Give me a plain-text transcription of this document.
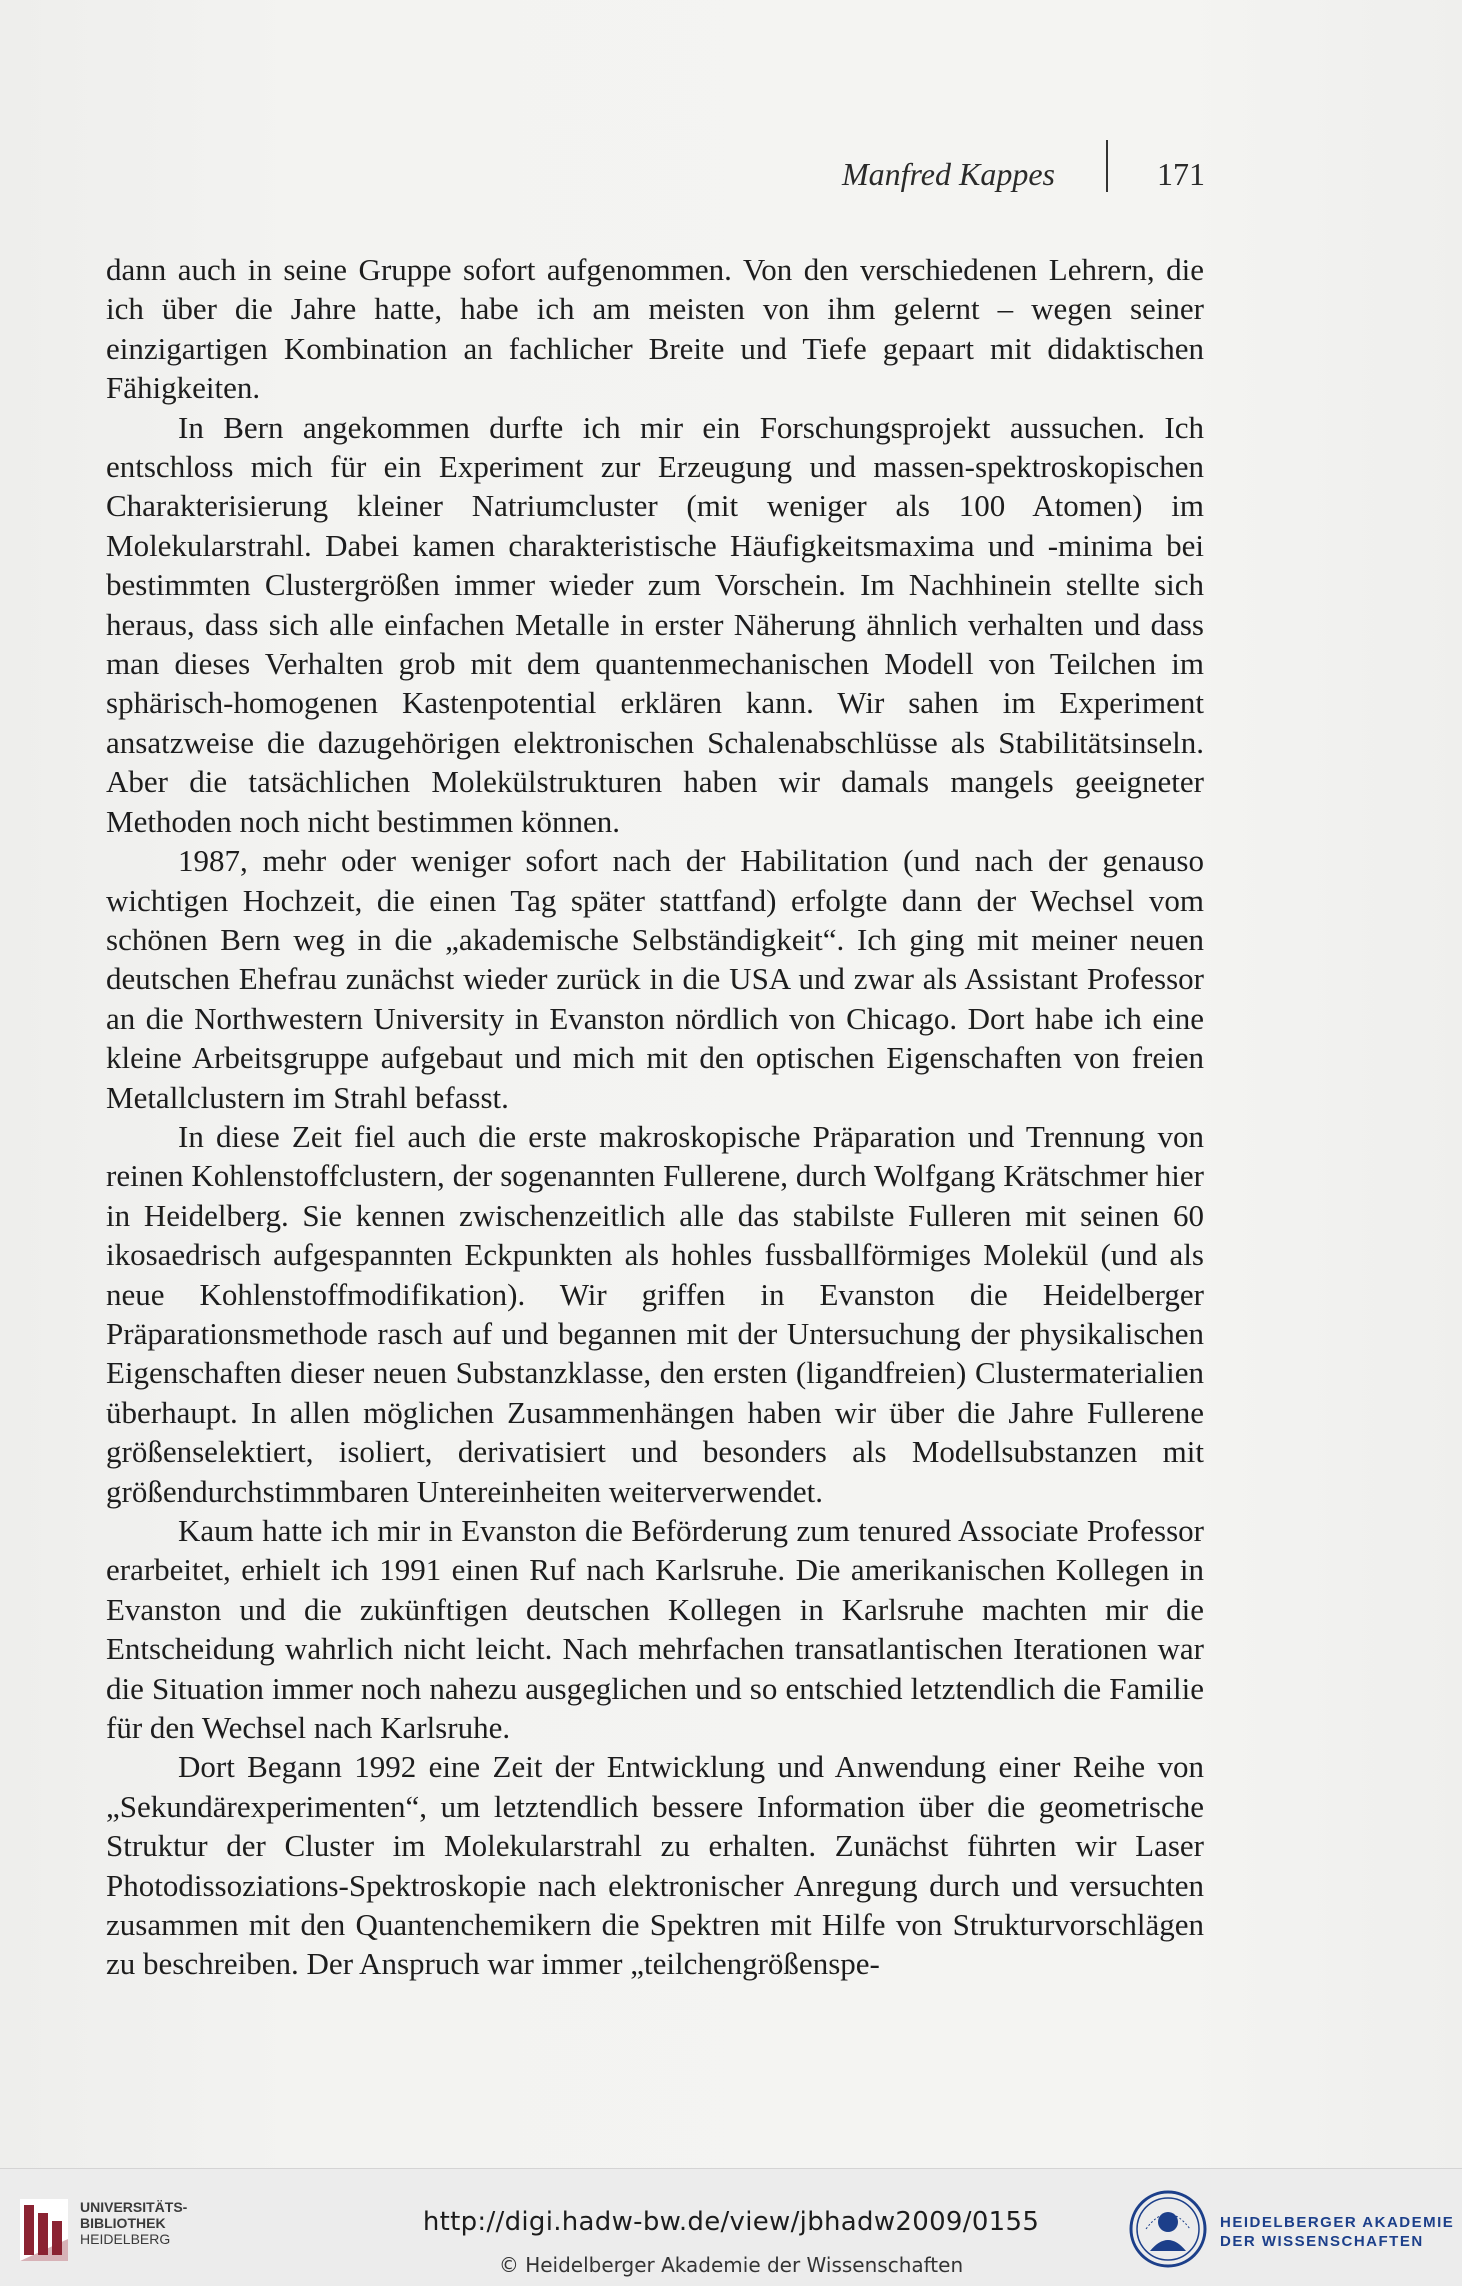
Manfred Kappes	171

dann auch in seine Gruppe sofort aufgenommen. Von den verschiedenen Lehrern, die ich über die Jahre hatte, habe ich am meisten von ihm gelernt – wegen seiner einzigartigen Kombination an fachlicher Breite und Tiefe gepaart mit didaktischen Fähigkeiten.

In Bern angekommen durfte ich mir ein Forschungsprojekt aussuchen. Ich entschloss mich für ein Experiment zur Erzeugung und massen-spektroskopischen Charakterisierung kleiner Natriumcluster (mit weniger als 100 Atomen) im Molekularstrahl. Dabei kamen charakteristische Häufigkeitsmaxima und -minima bei bestimmten Clustergrößen immer wieder zum Vorschein. Im Nachhinein stellte sich heraus, dass sich alle einfachen Metalle in erster Näherung ähnlich verhalten und dass man dieses Verhalten grob mit dem quantenmechanischen Modell von Teilchen im sphärisch-homogenen Kastenpotential erklären kann. Wir sahen im Experiment ansatzweise die dazugehörigen elektronischen Schalenabschlüsse als Stabilitätsinseln. Aber die tatsächlichen Molekülstrukturen haben wir damals mangels geeigneter Methoden noch nicht bestimmen können.

1987, mehr oder weniger sofort nach der Habilitation (und nach der genauso wichtigen Hochzeit, die einen Tag später stattfand) erfolgte dann der Wechsel vom schönen Bern weg in die „akademische Selbständigkeit“. Ich ging mit meiner neuen deutschen Ehefrau zunächst wieder zurück in die USA und zwar als Assistant Professor an die Northwestern University in Evanston nördlich von Chicago. Dort habe ich eine kleine Arbeitsgruppe aufgebaut und mich mit den optischen Eigenschaften von freien Metallclustern im Strahl befasst.

In diese Zeit fiel auch die erste makroskopische Präparation und Trennung von reinen Kohlenstoffclustern, der sogenannten Fullerene, durch Wolfgang Krätschmer hier in Heidelberg. Sie kennen zwischenzeitlich alle das stabilste Fulleren mit seinen 60 ikosaedrisch aufgespannten Eckpunkten als hohles fussballförmiges Molekül (und als neue Kohlenstoffmodifikation). Wir griffen in Evanston die Heidelberger Präparationsmethode rasch auf und begannen mit der Untersuchung der physikalischen Eigenschaften dieser neuen Substanzklasse, den ersten (ligandfreien) Clustermaterialien überhaupt. In allen möglichen Zusammenhängen haben wir über die Jahre Fullerene größenselektiert, isoliert, derivatisiert und besonders als Modellsubstanzen mit größendurchstimmbaren Untereinheiten weiterverwendet.

Kaum hatte ich mir in Evanston die Beförderung zum tenured Associate Professor erarbeitet, erhielt ich 1991 einen Ruf nach Karlsruhe. Die amerikanischen Kollegen in Evanston und die zukünftigen deutschen Kollegen in Karlsruhe machten mir die Entscheidung wahrlich nicht leicht. Nach mehrfachen transatlantischen Iterationen war die Situation immer noch nahezu ausgeglichen und so entschied letztendlich die Familie für den Wechsel nach Karlsruhe.

Dort Begann 1992 eine Zeit der Entwicklung und Anwendung einer Reihe von „Sekundärexperimenten“, um letztendlich bessere Information über die geometrische Struktur der Cluster im Molekularstrahl zu erhalten. Zunächst führten wir Laser Photodissoziations-Spektroskopie nach elektronischer Anregung durch und versuchten zusammen mit den Quantenchemikern die Spektren mit Hilfe von Strukturvorschlägen zu beschreiben. Der Anspruch war immer „teilchengrößenspe-

UNIVERSITÄTS-
BIBLIOTHEK
HEIDELBERG
http://digi.hadw-bw.de/view/jbhadw2009/0155
© Heidelberger Akademie der Wissenschaften
HEIDELBERGER AKADEMIE
DER WISSENSCHAFTEN
